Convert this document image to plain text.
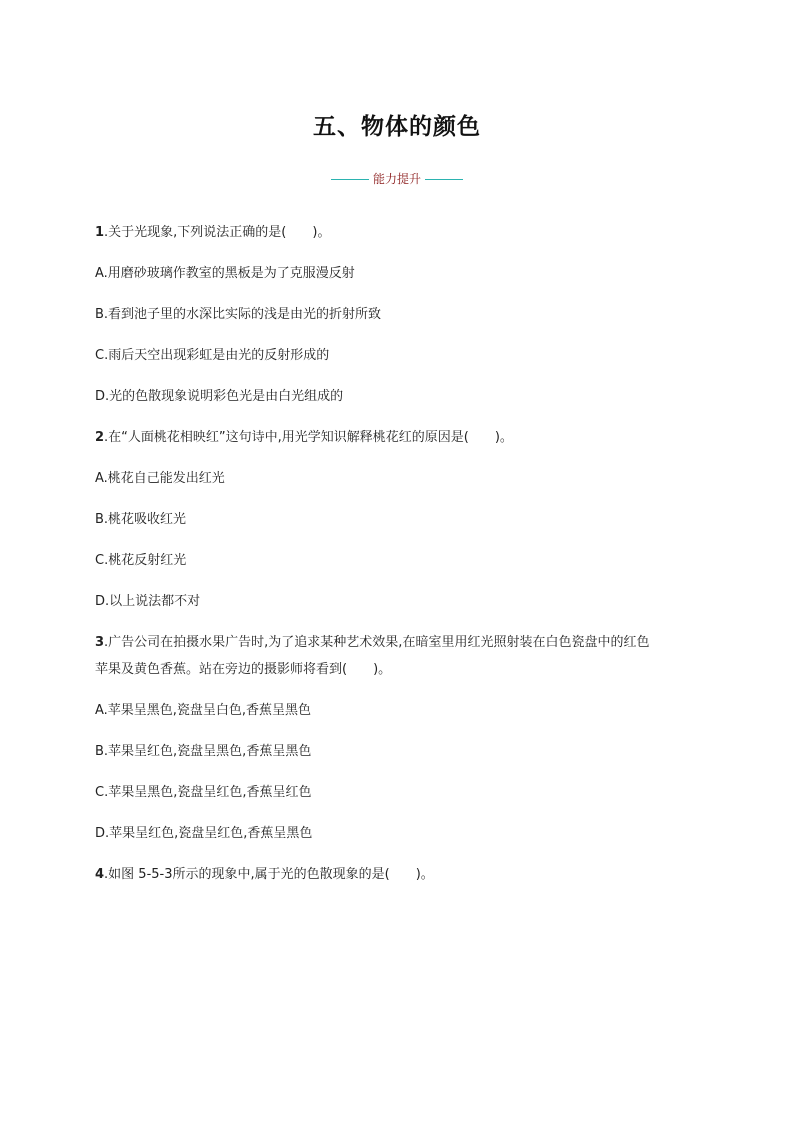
五、物体的颜色
能力提升
1.关于光现象,下列说法正确的是(　　)。
A.用磨砂玻璃作教室的黑板是为了克服漫反射
B.看到池子里的水深比实际的浅是由光的折射所致
C.雨后天空出现彩虹是由光的反射形成的
D.光的色散现象说明彩色光是由白光组成的
2.在“人面桃花相映红”这句诗中,用光学知识解释桃花红的原因是(　　)。
A.桃花自己能发出红光
B.桃花吸收红光
C.桃花反射红光
D.以上说法都不对
3.广告公司在拍摄水果广告时,为了追求某种艺术效果,在暗室里用红光照射装在白色瓷盘中的红色
苹果及黄色香蕉。站在旁边的摄影师将看到(　　)。
A.苹果呈黑色,瓷盘呈白色,香蕉呈黑色
B.苹果呈红色,瓷盘呈黑色,香蕉呈黑色
C.苹果呈黑色,瓷盘呈红色,香蕉呈红色
D.苹果呈红色,瓷盘呈红色,香蕉呈黑色
4.如图 5-5-3所示的现象中,属于光的色散现象的是(　　)。
